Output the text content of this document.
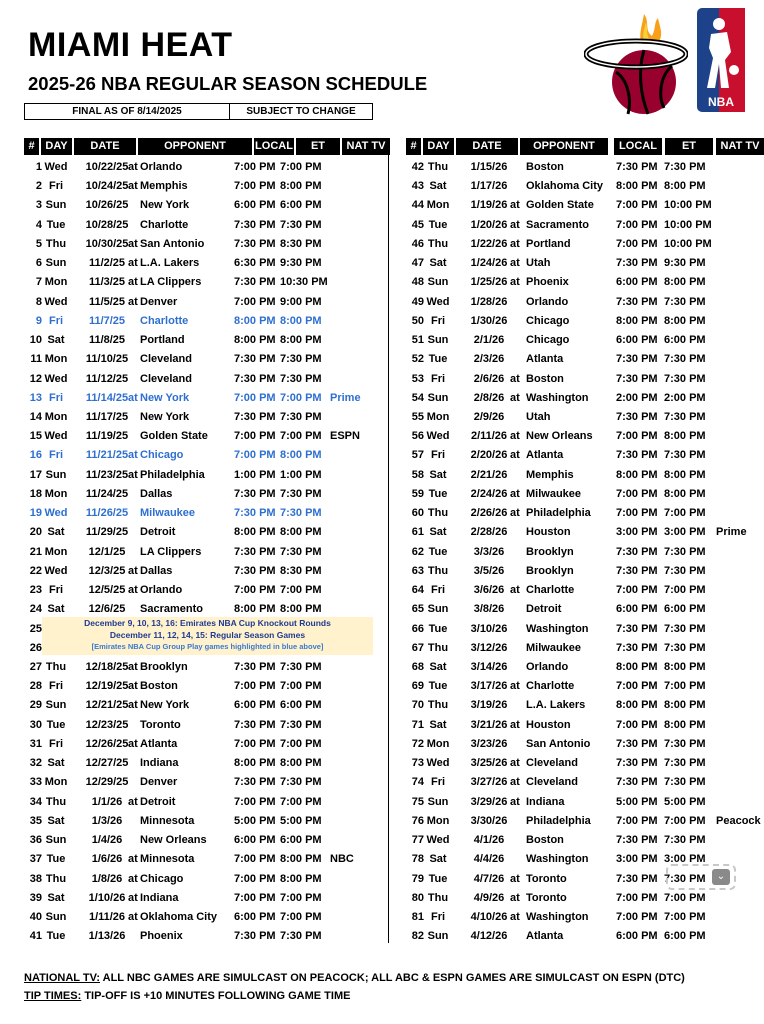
MIAMI HEAT
2025-26 NBA REGULAR SEASON SCHEDULE
FINAL AS OF 8/14/2025	SUBJECT TO CHANGE
NBA
# DAY	DATE	OPPONENT	LOCAL	ET	NAT TV	# DAY	DATE	OPPONENT	LOCAL	ET	NAT TV
1 Wed	10/22/25 at Orlando	7:00 PM 7:00 PM
2 Fri	10/24/25 at Memphis	7:00 PM 8:00 PM
3 Sun	10/26/25	New York	6:00 PM 6:00 PM
4 Tue	10/28/25	Charlotte	7:30 PM 7:30 PM
5 Thu	10/30/25 at San Antonio	7:30 PM 8:30 PM
6 Sun	11/2/25 at L.A. Lakers	6:30 PM 9:30 PM
7 Mon	11/3/25 at LA Clippers	7:30 PM 10:30 PM
8 Wed	11/5/25 at Denver	7:00 PM 9:00 PM
9 Fri	11/7/25	Charlotte	8:00 PM 8:00 PM
10 Sat	11/8/25	Portland	8:00 PM 8:00 PM
11 Mon	11/10/25	Cleveland	7:30 PM 7:30 PM
12 Wed	11/12/25	Cleveland	7:30 PM 7:30 PM
13 Fri	11/14/25 at New York	7:00 PM 7:00 PM Prime
14 Mon	11/17/25	New York	7:30 PM 7:30 PM
15 Wed	11/19/25	Golden State	7:00 PM 7:00 PM ESPN
16 Fri	11/21/25 at Chicago	7:00 PM 8:00 PM
17 Sun	11/23/25 at Philadelphia	1:00 PM 1:00 PM
18 Mon	11/24/25	Dallas	7:30 PM 7:30 PM
19 Wed	11/26/25	Milwaukee	7:30 PM 7:30 PM
20 Sat	11/29/25	Detroit	8:00 PM 8:00 PM
21 Mon	12/1/25	LA Clippers	7:30 PM 7:30 PM
22 Wed	12/3/25 at Dallas	7:30 PM 8:30 PM
23 Fri	12/5/25 at Orlando	7:00 PM 7:00 PM
24 Sat	12/6/25	Sacramento	8:00 PM 8:00 PM
25
26
27 Thu	12/18/25 at Brooklyn	7:30 PM 7:30 PM
28 Fri	12/19/25 at Boston	7:00 PM 7:00 PM
29 Sun	12/21/25 at New York	6:00 PM 6:00 PM
30 Tue	12/23/25	Toronto	7:30 PM 7:30 PM
31 Fri	12/26/25 at Atlanta	7:00 PM 7:00 PM
32 Sat	12/27/25	Indiana	8:00 PM 8:00 PM
33 Mon	12/29/25	Denver	7:30 PM 7:30 PM
34 Thu	1/1/26 at Detroit	7:00 PM 7:00 PM
35 Sat	1/3/26	Minnesota	5:00 PM 5:00 PM
36 Sun	1/4/26	New Orleans	6:00 PM 6:00 PM
37 Tue	1/6/26 at Minnesota	7:00 PM 8:00 PM NBC
38 Thu	1/8/26 at Chicago	7:00 PM 8:00 PM
39 Sat	1/10/26 at Indiana	7:00 PM 7:00 PM
40 Sun	1/11/26 at Oklahoma City	6:00 PM 7:00 PM
41 Tue	1/13/26	Phoenix	7:30 PM 7:30 PM
42 Thu	1/15/26	Boston	7:30 PM 7:30 PM
43 Sat	1/17/26	Oklahoma City	8:00 PM 8:00 PM
44 Mon	1/19/26 at Golden State	7:00 PM 10:00 PM
45 Tue	1/20/26 at Sacramento	7:00 PM 10:00 PM
46 Thu	1/22/26 at Portland	7:00 PM 10:00 PM
47 Sat	1/24/26 at Utah	7:30 PM 9:30 PM
48 Sun	1/25/26 at Phoenix	6:00 PM 8:00 PM
49 Wed	1/28/26	Orlando	7:30 PM 7:30 PM
50 Fri	1/30/26	Chicago	8:00 PM 8:00 PM
51 Sun	2/1/26	Chicago	6:00 PM 6:00 PM
52 Tue	2/3/26	Atlanta	7:30 PM 7:30 PM
53 Fri	2/6/26 at Boston	7:30 PM 7:30 PM
54 Sun	2/8/26 at Washington	2:00 PM 2:00 PM
55 Mon	2/9/26	Utah	7:30 PM 7:30 PM
56 Wed	2/11/26 at New Orleans	7:00 PM 8:00 PM
57 Fri	2/20/26 at Atlanta	7:30 PM 7:30 PM
58 Sat	2/21/26	Memphis	8:00 PM 8:00 PM
59 Tue	2/24/26 at Milwaukee	7:00 PM 8:00 PM
60 Thu	2/26/26 at Philadelphia	7:00 PM 7:00 PM
61 Sat	2/28/26	Houston	3:00 PM 3:00 PM Prime
62 Tue	3/3/26	Brooklyn	7:30 PM 7:30 PM
63 Thu	3/5/26	Brooklyn	7:30 PM 7:30 PM
64 Fri	3/6/26 at Charlotte	7:00 PM 7:00 PM
65 Sun	3/8/26	Detroit	6:00 PM 6:00 PM
66 Tue	3/10/26	Washington	7:30 PM 7:30 PM
67 Thu	3/12/26	Milwaukee	7:30 PM 7:30 PM
68 Sat	3/14/26	Orlando	8:00 PM 8:00 PM
69 Tue	3/17/26 at Charlotte	7:00 PM 7:00 PM
70 Thu	3/19/26	L.A. Lakers	8:00 PM 8:00 PM
71 Sat	3/21/26 at Houston	7:00 PM 8:00 PM
72 Mon	3/23/26	San Antonio	7:30 PM 7:30 PM
73 Wed	3/25/26 at Cleveland	7:30 PM 7:30 PM
74 Fri	3/27/26 at Cleveland	7:30 PM 7:30 PM
75 Sun	3/29/26 at Indiana	5:00 PM 5:00 PM
76 Mon	3/30/26	Philadelphia	7:00 PM 7:00 PM Peacock
77 Wed	4/1/26	Boston	7:30 PM 7:30 PM
78 Sat	4/4/26	Washington	3:00 PM 3:00 PM
79 Tue	4/7/26 at Toronto	7:30 PM 7:30 PM
80 Thu	4/9/26 at Toronto	7:00 PM 7:00 PM
81 Fri	4/10/26 at Washington	7:00 PM 7:00 PM
82 Sun	4/12/26	Atlanta	6:00 PM 6:00 PM
December 9, 10, 13, 16: Emirates NBA Cup Knockout Rounds
December 11, 12, 14, 15: Regular Season Games
[Emirates NBA Cup Group Play games highlighted in blue above]
⌄
NATIONAL TV: ALL NBC GAMES ARE SIMULCAST ON PEACOCK; ALL ABC & ESPN GAMES ARE SIMULCAST ON ESPN (DTC)
TIP TIMES: TIP-OFF IS +10 MINUTES FOLLOWING GAME TIME
